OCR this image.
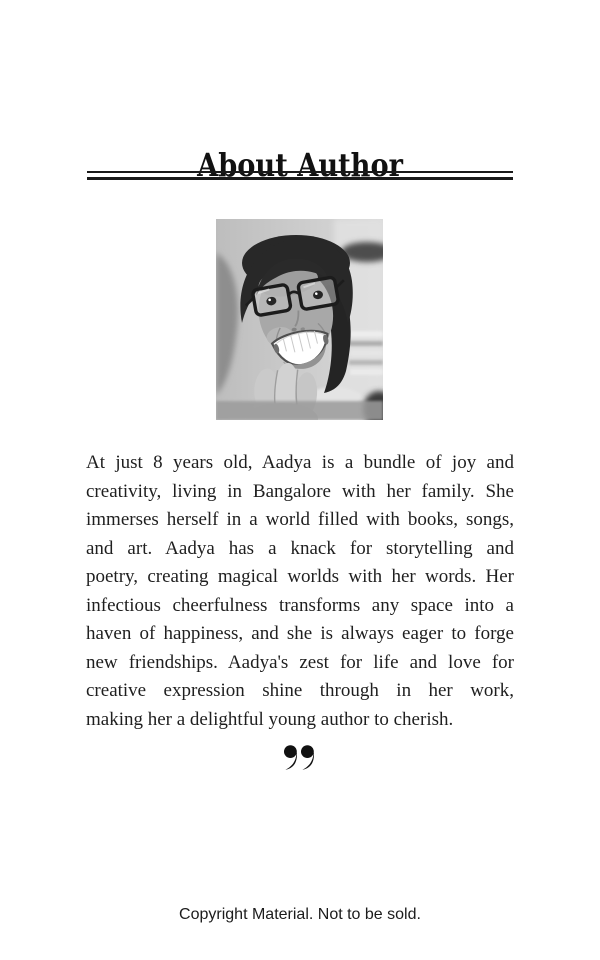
About Author

At just 8 years old, Aadya is a bundle of joy and
creativity, living in Bangalore with her family. She
immerses herself in a world filled with books, songs,
and art. Aadya has a knack for storytelling and
poetry, creating magical worlds with her words. Her
infectious cheerfulness transforms any space into a
haven of happiness, and she is always eager to forge
new friendships. Aadya's zest for life and love for
creative expression shine through in her work,
making her a delightful young author to cherish.

Copyright Material. Not to be sold.
